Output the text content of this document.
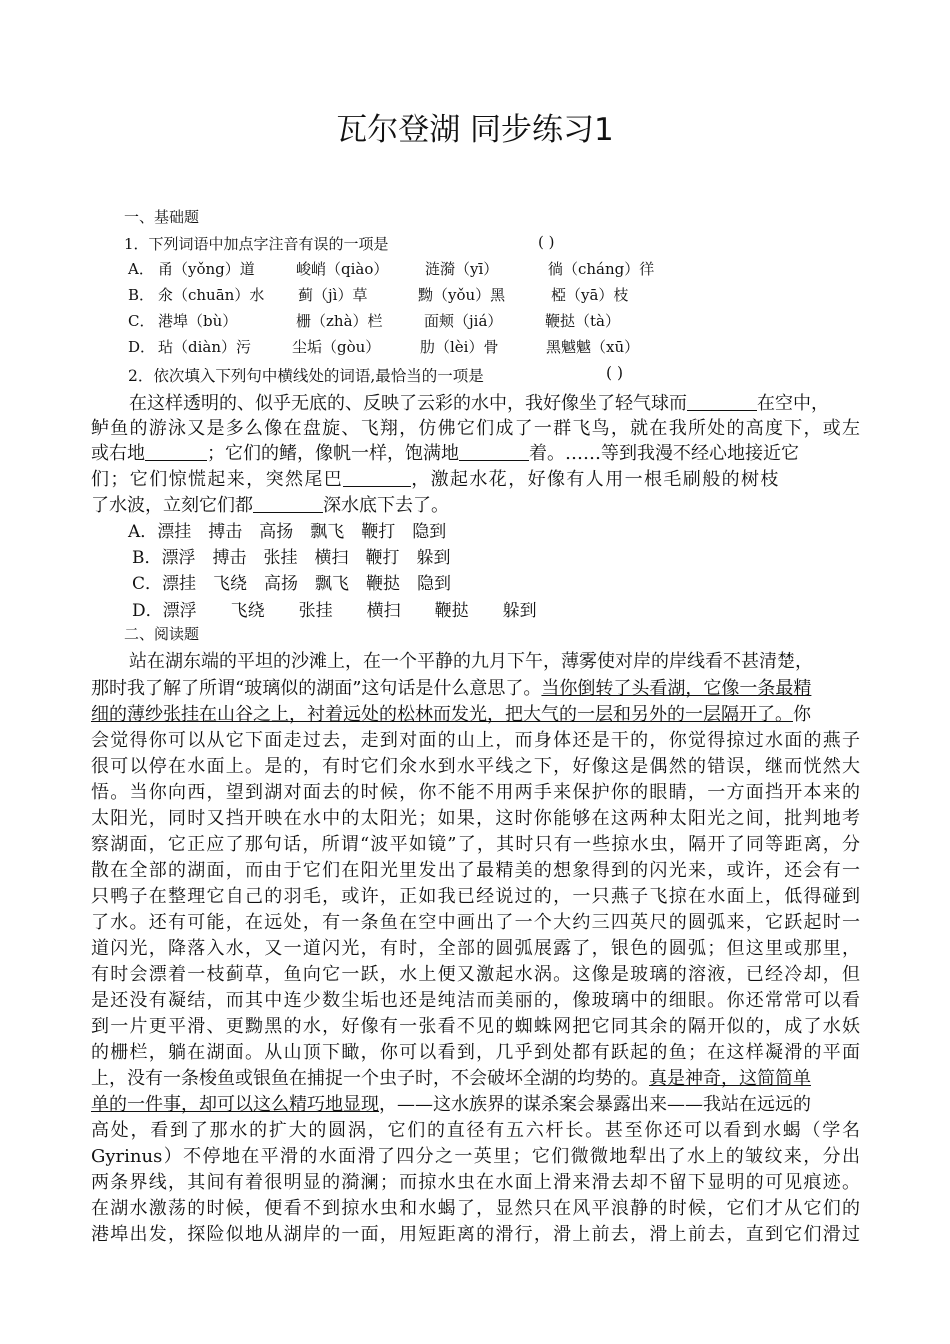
瓦尔登湖 同步练习1
一、基础题
1．下列词语中加点字注音有误的一项是	( )
A． 甬（yǒng）道	峻峭（qiào） 涟漪（yī）	徜（cháng）徉
B． 氽（chuān）水 蓟（jì）草	黝（yǒu）黑	椏（yā）枝
C． 港埠（bù）	栅（zhà）栏	面颊（jiá）	鞭挞（tà）
D． 玷（diàn）污	尘垢（gòu）	肋（lèi）骨	黑魆魆（xū）
2．依次填入下列句中横线处的词语,最恰当的一项是	( )
在这样透明的、似乎无底的、反映了云彩的水中，我好像坐了轻气球而	在空中，
鲈鱼的游泳又是多么像在盘旋、飞翔，仿佛它们成了一群飞鸟，就在我所处的高度下，或左
或右地	；它们的鳍，像帆一样，饱满地	着。……等到我漫不经心地接近它
们；它们惊慌起来，突然尾巴	，激起水花，好像有人用一根毛刷般的树枝
了水波，立刻它们都	深水底下去了。
A．漂挂　搏击　高扬　飘飞　鞭打　隐到
B．漂浮　搏击　张挂　横扫　鞭打　躲到
C．漂挂　飞绕　高扬　飘飞　鞭挞　隐到
D．漂浮　　飞绕　　张挂　　横扫　　鞭挞　　躲到
二、阅读题
站在湖东端的平坦的沙滩上，在一个平静的九月下午，薄雾使对岸的岸线看不甚清楚，
那时我了解了所谓“玻璃似的湖面”这句话是什么意思了。当你倒转了头看湖，它像一条最精
细的薄纱张挂在山谷之上，衬着远处的松林而发光，把大气的一层和另外的一层隔开了。你
会觉得你可以从它下面走过去，走到对面的山上，而身体还是干的，你觉得掠过水面的燕子
很可以停在水面上。是的，有时它们氽水到水平线之下，好像这是偶然的错误，继而恍然大
悟。当你向西，望到湖对面去的时候，你不能不用两手来保护你的眼睛，一方面挡开本来的
太阳光，同时又挡开映在水中的太阳光；如果，这时你能够在这两种太阳光之间，批判地考
察湖面，它正应了那句话，所谓“波平如镜”了，其时只有一些掠水虫，隔开了同等距离，分
散在全部的湖面，而由于它们在阳光里发出了最精美的想象得到的闪光来，或许，还会有一
只鸭子在整理它自己的羽毛，或许，正如我已经说过的，一只燕子飞掠在水面上，低得碰到
了水。还有可能，在远处，有一条鱼在空中画出了一个大约三四英尺的圆弧来，它跃起时一
道闪光，降落入水，又一道闪光，有时，全部的圆弧展露了，银色的圆弧；但这里或那里，
有时会漂着一枝蓟草，鱼向它一跃，水上便又激起水涡。这像是玻璃的溶液，已经冷却，但
是还没有凝结，而其中连少数尘垢也还是纯洁而美丽的，像玻璃中的细眼。你还常常可以看
到一片更平滑、更黝黑的水，好像有一张看不见的蜘蛛网把它同其余的隔开似的，成了水妖
的栅栏，躺在湖面。从山顶下瞰，你可以看到，几乎到处都有跃起的鱼；在这样凝滑的平面
上，没有一条梭鱼或银鱼在捕捉一个虫子时，不会破坏全湖的均势的。真是神奇，这简简单
单的一件事，却可以这么精巧地显现，——这水族界的谋杀案会暴露出来——我站在远远的
高处，看到了那水的扩大的圆涡，它们的直径有五六杆长。甚至你还可以看到水蝎（学名
Gyrinus）不停地在平滑的水面滑了四分之一英里；它们微微地犁出了水上的皱纹来，分出
两条界线，其间有着很明显的漪澜；而掠水虫在水面上滑来滑去却不留下显明的可见痕迹。
在湖水激荡的时候，便看不到掠水虫和水蝎了，显然只在风平浪静的时候，它们才从它们的
港埠出发，探险似地从湖岸的一面，用短距离的滑行，滑上前去，滑上前去，直到它们滑过
